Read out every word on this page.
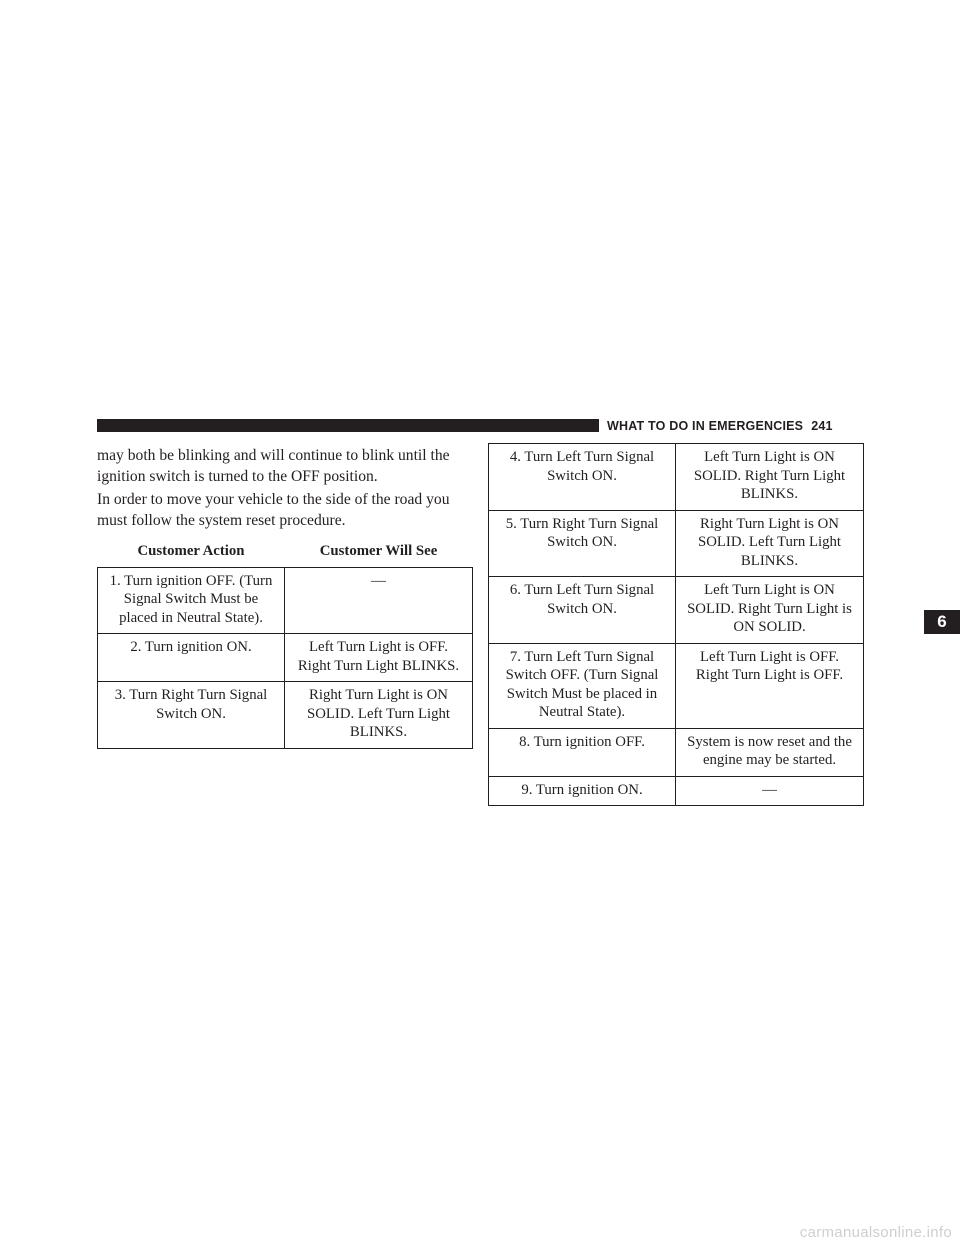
WHAT TO DO IN EMERGENCIES 241

may both be blinking and will continue to blink until the ignition switch is turned to the OFF position.

In order to move your vehicle to the side of the road you must follow the system reset procedure.

Customer Action	Customer Will See
1. Turn ignition OFF. (Turn Signal Switch Must be placed in Neutral State).	—
2. Turn ignition ON.	Left Turn Light is OFF. Right Turn Light BLINKS.
3. Turn Right Turn Signal Switch ON.	Right Turn Light is ON SOLID. Left Turn Light BLINKS.
4. Turn Left Turn Signal Switch ON.	Left Turn Light is ON SOLID. Right Turn Light BLINKS.
5. Turn Right Turn Signal Switch ON.	Right Turn Light is ON SOLID. Left Turn Light BLINKS.
6. Turn Left Turn Signal Switch ON.	Left Turn Light is ON SOLID. Right Turn Light is ON SOLID.
7. Turn Left Turn Signal Switch OFF. (Turn Signal Switch Must be placed in Neutral State).	Left Turn Light is OFF. Right Turn Light is OFF.
8. Turn ignition OFF.	System is now reset and the engine may be started.
9. Turn ignition ON.	—
6
carmanualsonline.info
